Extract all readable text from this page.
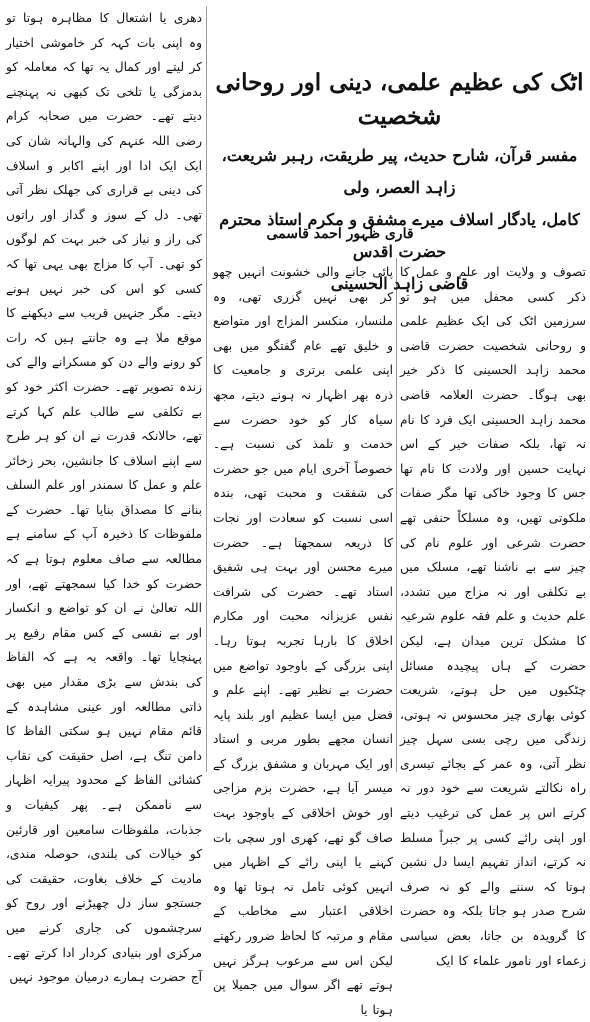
اٹک کی عظیم علمی، دینی اور روحانی شخصیت

مفسر قرآن، شارح حدیث، پیر طریقت، رہبر شریعت، زاہد العصر، ولی

کامل، یادگار اسلاف میرے مشفق و مکرم استاذ محترم حضرت اقدس

قاضی زاہد الحسینی

قاری ظہور احمد قاسمی

تصوف و ولایت اور علم و عمل کا ذکر کسی محفل میں ہو تو سرزمین اٹک کی ایک عظیم علمی و روحانی شخصیت حضرت قاضی محمد زاہد الحسینی کا ذکر خیر بھی ہوگا۔ حضرت العلامہ قاضی محمد زاہد الحسینی ایک فرد کا نام نہ تھا، بلکہ صفات خیر کے اس نہایت حسین اور ولادت کا نام تھا جس کا وجود خاکی تھا مگر صفات ملکوتی تھیں، وہ مسلکاً حنفی تھے حضرت شرعی اور علوم نام کی چیز سے بے ناشنا تھے، مسلک میں بے تکلفی اور نہ مزاج میں تشدد، علم حدیث و علم فقہ علوم شرعیہ کا مشکل ترین میدان ہے، لیکن حضرت کے ہاں پیچیدہ مسائل چٹکیوں میں حل ہوتے، شریعت کوئی بھاری چیز محسوس نہ ہوتی، زندگی میں رچی بسی سہل چیز نظر آتی، وہ عمر کے بجائے تیسری راہ نکالتے شریعت سے خود دور نہ کرتے اس پر عمل کی ترغیب دیتے اور اپنی رائے کسی پر جبراً مسلط نہ کرتے، انداز تفہیم ایسا دل نشین ہوتا کہ سننے والے کو نہ صرف شرح صدر ہو جاتا بلکہ وہ حضرت کا گرویدہ بن جاتا، بعض سیاسی زعماء اور نامور علماء کا ایک

پائی جانے والی خشونت انہیں چھو کر بھی نہیں گزری تھی، وہ ملنسار، منکسر المزاج اور متواضع و خلیق تھے عام گفتگو میں بھی اپنی علمی برتری و جامعیت کا ذرہ بھر اظہار نہ ہونے دیتے، مجھ سیاہ کار کو خود حضرت سے خدمت و تلمذ کی نسبت ہے۔ خصوصاً آخری ایام میں جو حضرت کی شفقت و محبت تھی، بندہ اسی نسبت کو سعادت اور نجات کا ذریعہ سمجھتا ہے۔ حضرت میرے محسن اور بہت ہی شفیق استاد تھے۔ حضرت کی شرافت نفس عزیزانہ محبت اور مکارم اخلاق کا بارہا تجربہ ہوتا رہا۔ اپنی بزرگی کے باوجود تواضع میں حضرت بے نظیر تھے۔ اپنے علم و فضل میں ایسا عظیم اور بلند پایہ انسان مجھے بطور مربی و استاد اور ایک مہربان و مشفق بزرگ کے میسر آیا ہے، حضرت بزم مزاجی اور خوش اخلاقی کے باوجود بہت صاف گو تھے، کھری اور سچی بات کہنے یا اپنی رائے کے اظہار میں انہیں کوئی تامل نہ ہوتا تھا وہ اخلاقی اعتبار سے مخاطب کے مقام و مرتبہ کا لحاظ ضرور رکھتے لیکن اس سے مرعوب ہرگز نہیں ہوتے تھے اگر سوال میں جمیلا پن ہوتا یا

دھری یا اشتعال کا مظاہرہ ہوتا تو وہ اپنی بات کہہ کر خاموشی اختیار کر لیتے اور کمال یہ تھا کہ معاملہ کو بدمزگی یا تلخی تک کبھی نہ پہنچنے دیتے تھے۔ حضرت میں صحابہ کرام رضی اللہ عنہم کی والہانہ شان کی ایک ایک ادا اور اپنے اکابر و اسلاف کی دینی بے قراری کی جھلک نظر آتی تھی۔ دل کے سوز و گداز اور راتوں کی راز و نیاز کی خبر بہت کم لوگوں کو تھی۔ آپ کا مزاج بھی یہی تھا کہ کسی کو اس کی خبر نہیں ہونے دیتے۔ مگر جنہیں قریب سے دیکھنے کا موقع ملا ہے وہ جانتے ہیں کہ رات کو رونے والے دن کو مسکرانے والے کی زندہ تصویر تھے۔ حضرت اکثر خود کو بے تکلفی سے طالب علم کہا کرتے تھے، حالانکہ قدرت نے ان کو ہر طرح سے اپنے اسلاف کا جانشین، بحر زخائر علم و عمل کا سمندر اور علم السلف بنانے کا مصداق بنایا تھا۔ حضرت کے ملفوظات کا ذخیرہ آپ کے سامنے ہے مطالعہ سے صاف معلوم ہوتا ہے کہ حضرت کو خدا کیا سمجھتے تھے، اور اللہ تعالیٰ نے ان کو تواضع و انکسار اور بے نفسی کے کس مقام رفیع پر پہنچایا تھا۔ واقعہ یہ ہے کہ الفاظ کی بندش سے بڑی مقدار میں بھی ذاتی مطالعہ اور عینی مشاہدہ کے قائم مقام نہیں ہو سکتی الفاظ کا دامن تنگ ہے، اصل حقیقت کی نقاب کشائی الفاظ کے محدود پیرایہ اظہار سے ناممکن ہے۔ پھر کیفیات و جذبات، ملفوظات سامعین اور قارئین کو خیالات کی بلندی، حوصلہ مندی، مادیت کے خلاف بغاوت، حقیقت کی جستجو ساز دل چھیڑنے اور روح کو سرچشموں کی جاری کرنے میں مرکزی اور بنیادی کردار ادا کرتے تھے۔ آج حضرت ہمارے درمیان موجود نہیں
